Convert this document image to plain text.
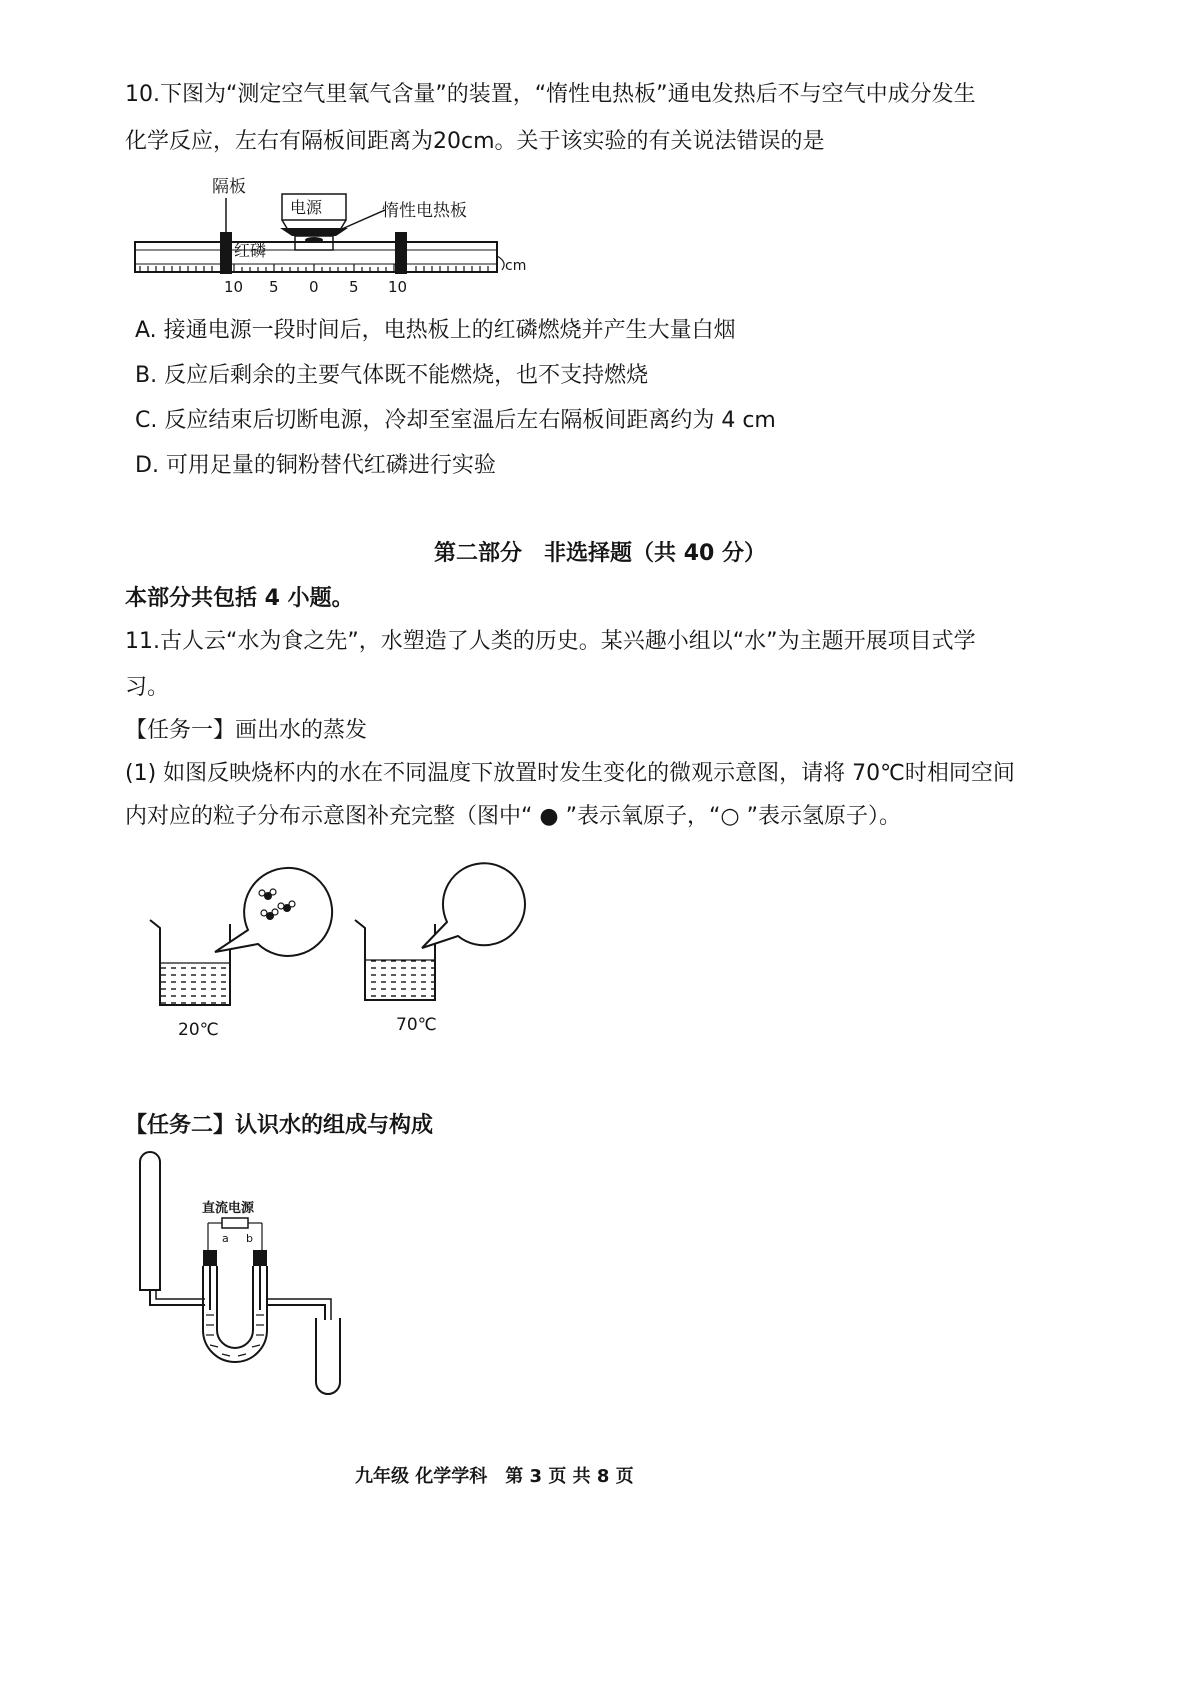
10.下图为“测定空气里氧气含量”的装置，“惰性电热板”通电发热后不与空气中成分发生
化学反应，左右有隔板间距离为20cm。关于该实验的有关说法错误的是
隔板
电源	惰性电热板
红磷
10 5 0 5 10
cm
A. 接通电源一段时间后，电热板上的红磷燃烧并产生大量白烟
B. 反应后剩余的主要气体既不能燃烧，也不支持燃烧
C. 反应结束后切断电源，冷却至室温后左右隔板间距离约为 4 cm
D. 可用足量的铜粉替代红磷进行实验
第二部分　非选择题（共 40 分）
本部分共包括 4 小题。
11.古人云“水为食之先”，水塑造了人类的历史。某兴趣小组以“水”为主题开展项目式学
习。
【任务一】画出水的蒸发
(1) 如图反映烧杯内的水在不同温度下放置时发生变化的微观示意图，请将 70℃时相同空间
内对应的粒子分布示意图补充完整（图中“ ● ”表示氧原子，“○ ”表示氢原子）。
20℃	70℃
【任务二】认识水的组成与构成
直流电源
a b
九年级 化学学科　第 3 页 共 8 页
